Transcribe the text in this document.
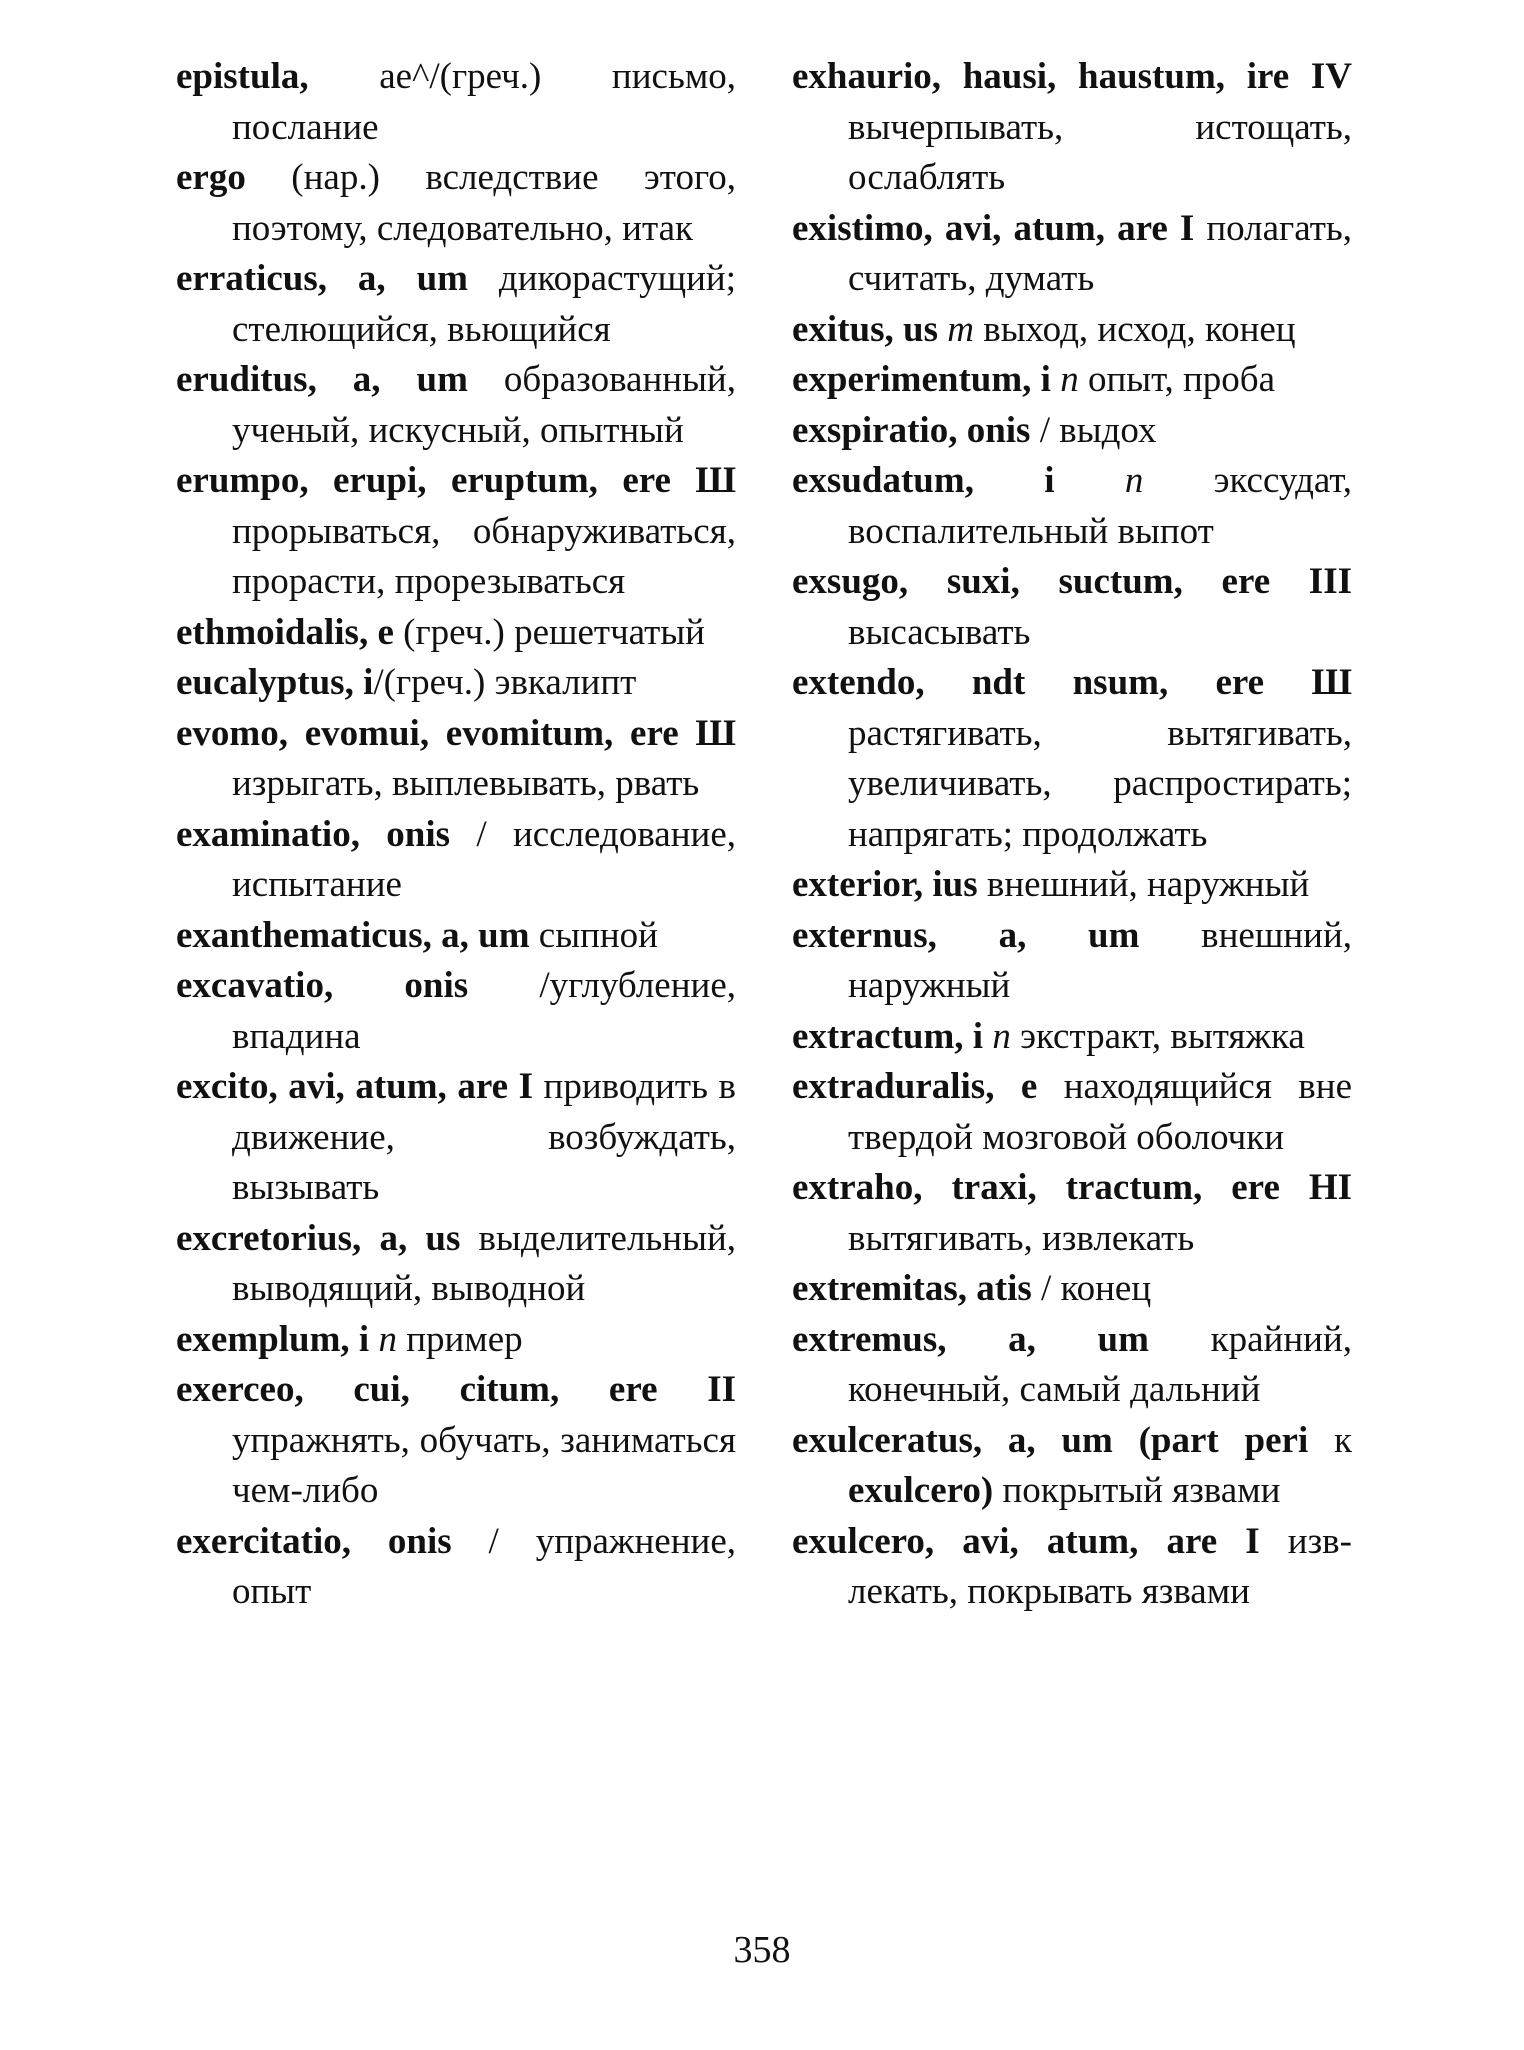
epistula, ae^/(греч.) письмо, послание

ergo (нар.) вследствие этого, поэтому, следовательно, итак

erraticus, a, um дикорастущий; стелющийся, вьющийся

eruditus, a, um образованный, ученый, искусный, опытный

erumpo, erupi, eruptum, ere Ш прорываться, обнаруживаться, прорасти, прорезываться

ethmoidalis, е (греч.) решетчатый

eucalyptus, i/(греч.) эвкалипт

evomo, evomui, evomitum, ere Ш изрыгать, выплевывать, рвать

examinatio, onis / исследование, испытание

exanthematicus, a, um сыпной

excavatio, onis /углубление, впадина

excito, avi, atum, are I приводить в движение, возбуждать, вызывать

excretorius, a, us выделительный, выводящий, выводной

exemplum, i n пример

exerceo, cui, citum, ere II упражнять, обучать, заниматься чем-либо

exercitatio, onis / упражнение, опыт

exhaurio, hausi, haustum, ire IV вычерпывать, истощать, ослаблять

existimo, avi, atum, are I полагать, считать, думать

exitus, us m выход, исход, конец

experimentum, i n опыт, проба

exspiratio, onis / выдох

exsudatum, i n экссудат, воспалительный выпот

exsugo, suxi, suctum, ere III высасывать

extendo, ndt nsum, ere Ш растягивать, вытягивать, увеличивать, распростирать; напрягать; продолжать

exterior, ius внешний, наружный

externus, a, um внешний, наружный

extractum, i n экстракт, вытяжка

extraduralis, е находящийся вне твердой мозговой оболочки

extraho, traxi, tractum, ere HI вытягивать, извлекать

extremitas, atis / конец

extremus, a, um крайний, конечный, самый дальний

exulceratus, a, um (part peri к exulcero) покрытый язвами

exulcero, avi, atum, are I извлекать, покрывать язвами

358
